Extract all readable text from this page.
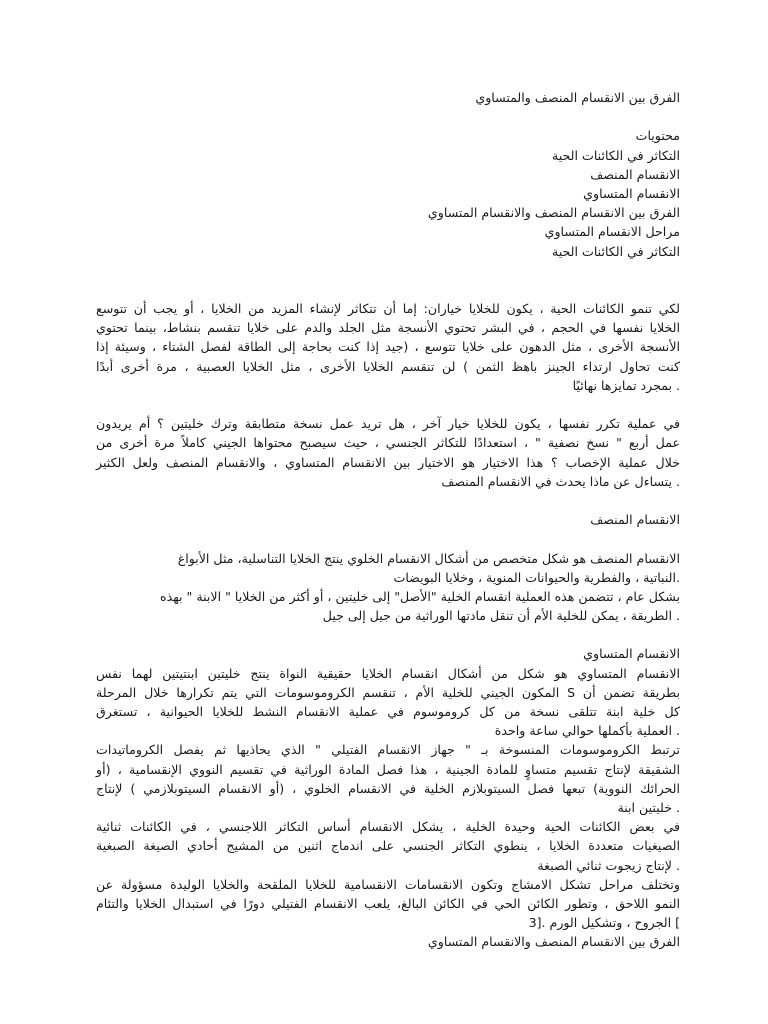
الفرق بين الانقسام المنصف والمتساوي
محتويات
التكاثر في الكائنات الحية
الانقسام المنصف
الانقسام المتساوي
الفرق بين الانقسام المنصف والانقسام المتساوي
مراحل الانقسام المتساوي
التكاثر في الكائنات الحية
لكي تنمو الكائنات الحية ، يكون للخلايا خياران: إما أن تتكاثر لإنشاء المزيد من الخلايا ، أو يجب أن تتوسع
الخلايا نفسها في الحجم ، في البشر تحتوي الأنسجة مثل الجلد والدم على خلايا تنقسم بنشاط، بينما تحتوي
الأنسجة الأخرى ، مثل الدهون على خلايا تتوسع ، (جيد إذا كنت بحاجة إلى الطاقة لفصل الشتاء ، وسيئة إذا
كنت تحاول ارتداء الجينز باهظ الثمن ) لن تنقسم الخلايا الأخرى ، مثل الخلايا العصبية ، مرة أخرى أبدًا
. بمجرد تمايزها نهائيًا
في عملية تكرر نفسها ، يكون للخلايا خيار آخر ، هل تريد عمل نسخة متطابقة وترك خليتين ؟ أم يريدون
عمل أربع " نسخ نصفية " ، استعدادًا للتكاثر الجنسي ، حيث سيصبح محتواها الجيني كاملاً مرة أخرى من
خلال عملية الإخصاب ؟ هذا الاختيار هو الاختيار بين الانقسام المتساوي ، والانقسام المنصف ولعل الكثير
. يتساءل عن ماذا يحدث في الانقسام المنصف
الانقسام المنصف
الانقسام المنصف هو شكل متخصص من أشكال الانقسام الخلوي ينتج الخلايا التناسلية، مثل الأبواغ
.النباتية ، والفطرية والحيوانات المنوية ، وخلايا البويضات
بشكل عام ، تتضمن هذه العملية انقسام الخلية "الأصل" إلى خليتين ، أو أكثر من الخلايا " الابنة " بهذه
. الطريقة ، يمكن للخلية الأم أن تنقل مادتها الوراثية من جيل إلى جيل
الانقسام المتساوي
الانقسام المتساوي هو شكل من أشكال انقسام الخلايا حقيقية النواة ينتج خليتين ابنتيتين لهما نفس
بطريقة تضمن أن S المكون الجيني للخلية الأم ، تنقسم الكروموسومات التي يتم تكرارها خلال المرحلة
كل خلية ابنة تتلقى نسخة من كل كروموسوم في عملية الانقسام النشط للخلايا الحيوانية ، تستغرق
. العملية بأكملها حوالي ساعة واحدة
ترتبط الكروموسومات المنسوخة بـ " جهاز الانقسام الفتيلي " الذي يحاذيها ثم يفصل الكروماتيدات
الشقيقة لإنتاج تقسيم متساوٍ للمادة الجينية ، هذا فصل المادة الوراثية في تقسيم النووي الإنقسامية ، (أو
الحرائك النووية) تبعها فصل السيتوبلازم الخلية في الانقسام الخلوي ، (أو الانقسام السيتوبلازمي ) لإنتاج
. خليتين ابنة
في بعض الكائنات الحية وحيدة الخلية ، يشكل الانقسام أساس التكاثر اللاجنسي ، في الكائنات ثنائية
الصيغيات متعددة الخلايا ، ينطوي التكاثر الجنسي على اندماج اثنين من المشيج أحادي الصيغة الصبغية
. لإنتاج زيجوت ثنائي الصبغة
وتختلف مراحل تشكل الامشاج وتكون الانقسامات الانقسامية للخلايا الملقحة والخلايا الوليدة مسؤولة عن
النمو اللاحق ، وتطور الكائن الحي في الكائن البالغ، يلعب الانقسام الفتيلي دورًا في استبدال الخلايا والتئام
] الجروح ، وتشكيل الورم .[3
الفرق بين الانقسام المنصف والانقسام المتساوي
